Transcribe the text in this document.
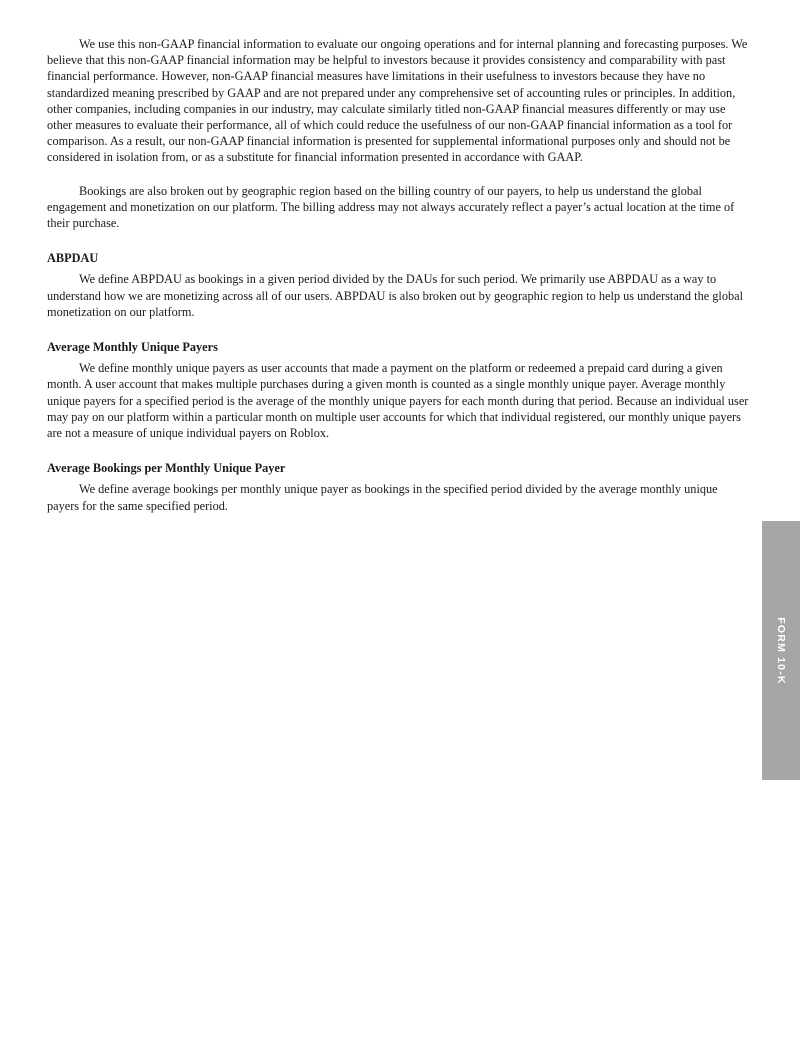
We use this non-GAAP financial information to evaluate our ongoing operations and for internal planning and forecasting purposes. We believe that this non-GAAP financial information may be helpful to investors because it provides consistency and comparability with past financial performance. However, non-GAAP financial measures have limitations in their usefulness to investors because they have no standardized meaning prescribed by GAAP and are not prepared under any comprehensive set of accounting rules or principles. In addition, other companies, including companies in our industry, may calculate similarly titled non-GAAP financial measures differently or may use other measures to evaluate their performance, all of which could reduce the usefulness of our non-GAAP financial information as a tool for comparison. As a result, our non-GAAP financial information is presented for supplemental informational purposes only and should not be considered in isolation from, or as a substitute for financial information presented in accordance with GAAP.

Bookings are also broken out by geographic region based on the billing country of our payers, to help us understand the global engagement and monetization on our platform. The billing address may not always accurately reflect a payer’s actual location at the time of their purchase.

ABPDAU

We define ABPDAU as bookings in a given period divided by the DAUs for such period. We primarily use ABPDAU as a way to understand how we are monetizing across all of our users. ABPDAU is also broken out by geographic region to help us understand the global monetization on our platform.

Average Monthly Unique Payers

We define monthly unique payers as user accounts that made a payment on the platform or redeemed a prepaid card during a given month. A user account that makes multiple purchases during a given month is counted as a single monthly unique payer. Average monthly unique payers for a specified period is the average of the monthly unique payers for each month during that period. Because an individual user may pay on our platform within a particular month on multiple user accounts for which that individual registered, our monthly unique payers are not a measure of unique individual payers on Roblox.

Average Bookings per Monthly Unique Payer

We define average bookings per monthly unique payer as bookings in the specified period divided by the average monthly unique payers for the same specified period.

FORM 10-K
